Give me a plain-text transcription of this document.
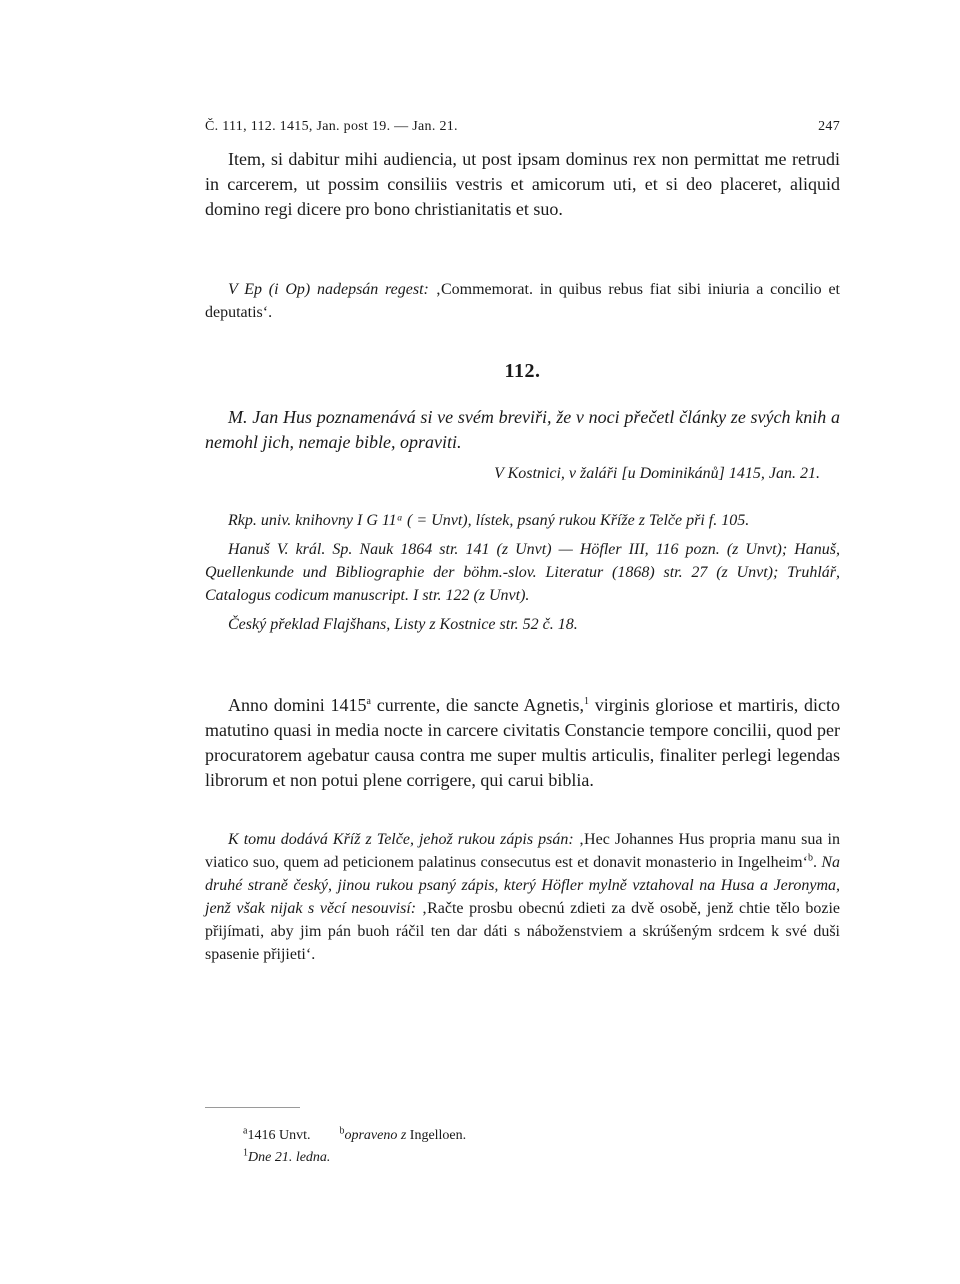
Č. 111, 112. 1415, Jan. post 19. — Jan. 21.	247

Item, si dabitur mihi audiencia, ut post ipsam dominus rex non permittat me retrudi in carcerem, ut possim consiliis vestris et amicorum uti, et si deo placeret, aliquid domino regi dicere pro bono christianitatis et suo.

V Ep (i Op) nadepsán regest: ‚Commemorat. in quibus rebus fiat sibi iniuria a concilio et deputatis‘.

112.

M. Jan Hus poznamenává si ve svém breviři, že v noci přečetl články ze svých knih a nemohl jich, nemaje bible, opraviti.

V Kostnici, v žaláři [u Dominikánů] 1415, Jan. 21.

Rkp. univ. knihovny I G 11ᵃ ( = Unvt), lístek, psaný rukou Kříže z Telče při f. 105.

Hanuš V. král. Sp. Nauk 1864 str. 141 (z Unvt) — Höfler III, 116 pozn. (z Unvt); Hanuš, Quellenkunde und Bibliographie der böhm.-slov. Literatur (1868) str. 27 (z Unvt); Truhlář, Catalogus codicum manuscript. I str. 122 (z Unvt).

Český překlad Flajšhans, Listy z Kostnice str. 52 č. 18.

Anno domini 1415$^a$ currente, die sancte Agnetis,$^1$ virginis gloriose et martiris, dicto matutino quasi in media nocte in carcere civitatis Constancie tempore concilii, quod per procuratorem agebatur causa contra me super multis articulis, finaliter perlegi legendas librorum et non potui plene corrigere, qui carui biblia.

K tomu dodává Kříž z Telče, jehož rukou zápis psán: ‚Hec Johannes Hus propria manu sua in viatico suo, quem ad peticionem palatinus consecutus est et donavit monasterio in Ingelheim‘$^b$. Na druhé straně český, jinou rukou psaný zápis, který Höfler mylně vztahoval na Husa a Jeronyma, jenž však nijak s věcí nesouvisí: ‚Račte prosbu obecnú zdieti za dvě osobě, jenž chtie tělo bozie přijímati, aby jim pán buoh ráčil ten dar dáti s náboženstviem a skrúšeným srdcem k své duši spasenie přijieti‘.

$^a$1416 Unvt.	$^b$opraveno z Ingelloen.
$^1$Dne 21. ledna.
